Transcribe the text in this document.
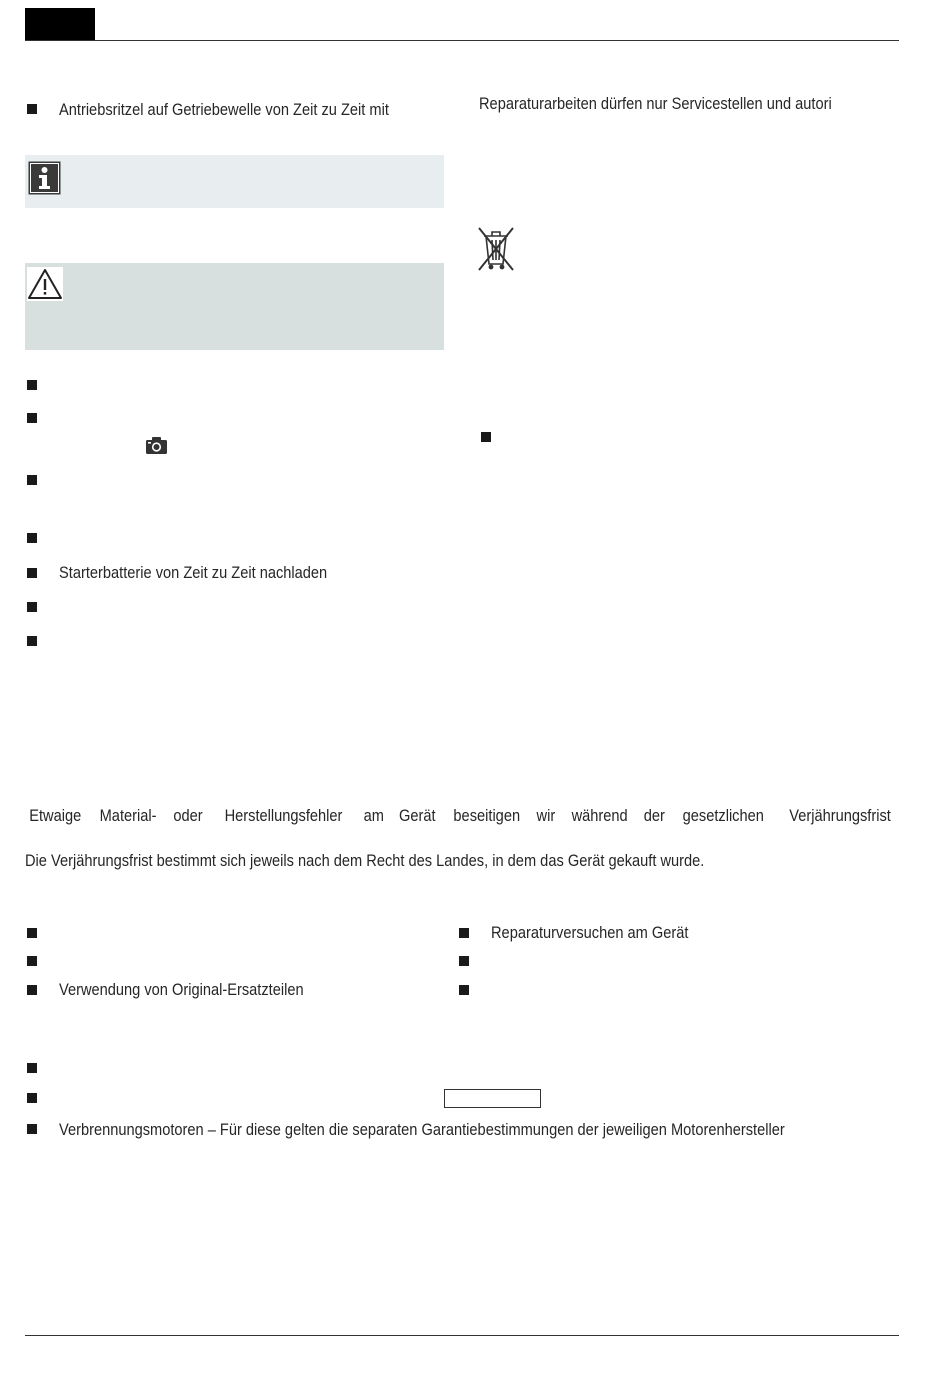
Antriebsritzel auf Getriebewelle von Zeit zu Zeit mit
Starterbatterie von Zeit zu Zeit nachladen
Reparaturarbeiten dürfen nur Servicestellen und autori
Etwaige Material- oder Herstellungsfehler am Gerät beseitigen wir während der gesetzlichen Verjährungsfrist
Die Verjährungsfrist bestimmt sich jeweils nach dem Recht des Landes, in dem das Gerät gekauft wurde.
Verwendung von Original-Ersatzteilen
Reparaturversuchen am Gerät
Verbrennungsmotoren – Für diese gelten die separaten Garantiebestimmungen der jeweiligen Motorenhersteller
